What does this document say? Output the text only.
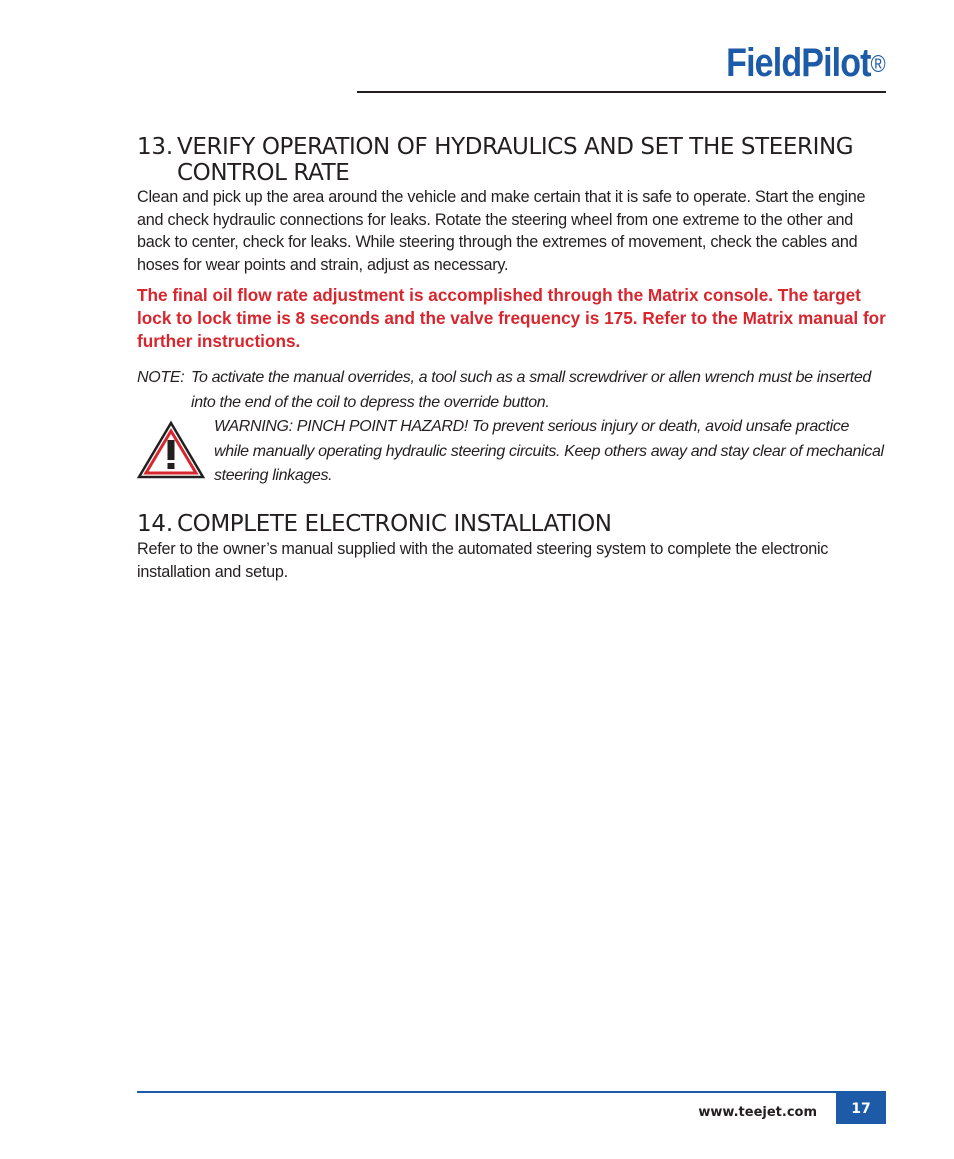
FieldPilot®
13. VERIFY OPERATION OF HYDRAULICS AND SET THE STEERING CONTROL RATE
Clean and pick up the area around the vehicle and make certain that it is safe to operate. Start the engine and check hydraulic connections for leaks. Rotate the steering wheel from one extreme to the other and back to center, check for leaks. While steering through the extremes of movement, check the cables and hoses for wear points and strain, adjust as necessary.
The final oil flow rate adjustment is accomplished through the Matrix console. The target lock to lock time is 8 seconds and the valve frequency is 175. Refer to the Matrix manual for further instructions.
NOTE: To activate the manual overrides, a tool such as a small screwdriver or allen wrench must be inserted into the end of the coil to depress the override button.
WARNING: PINCH POINT HAZARD! To prevent serious injury or death, avoid unsafe practice while manually operating hydraulic steering circuits. Keep others away and stay clear of mechanical steering linkages.
14. COMPLETE ELECTRONIC INSTALLATION
Refer to the owner’s manual supplied with the automated steering system to complete the electronic installation and setup.
www.teejet.com	17
